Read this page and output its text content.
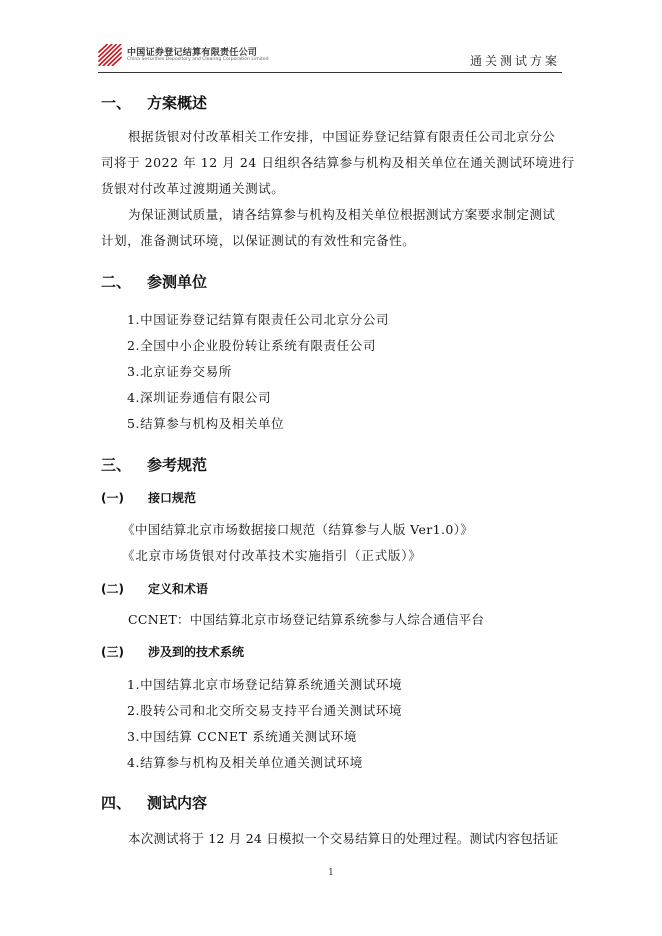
中国证券登记结算有限责任公司
China Securities Depository and Clearing Corporation Limited	通关测试方案
一、 方案概述
根据货银对付改革相关工作安排，中国证券登记结算有限责任公司北京分公
司将于 2022 年 12 月 24 日组织各结算参与机构及相关单位在通关测试环境进行
货银对付改革过渡期通关测试。
为保证测试质量，请各结算参与机构及相关单位根据测试方案要求制定测试
计划，准备测试环境，以保证测试的有效性和完备性。
二、 参测单位
1.中国证券登记结算有限责任公司北京分公司
2.全国中小企业股份转让系统有限责任公司
3.北京证券交易所
4.深圳证券通信有限公司
5.结算参与机构及相关单位
三、 参考规范
(一) 接口规范
《中国结算北京市场数据接口规范（结算参与人版 Ver1.0）》
《北京市场货银对付改革技术实施指引（正式版）》
(二) 定义和术语
CCNET：中国结算北京市场登记结算系统参与人综合通信平台
(三) 涉及到的技术系统
1.中国结算北京市场登记结算系统通关测试环境
2.股转公司和北交所交易支持平台通关测试环境
3.中国结算 CCNET 系统通关测试环境
4.结算参与机构及相关单位通关测试环境
四、 测试内容
本次测试将于 12 月 24 日模拟一个交易结算日的处理过程。测试内容包括证
1
